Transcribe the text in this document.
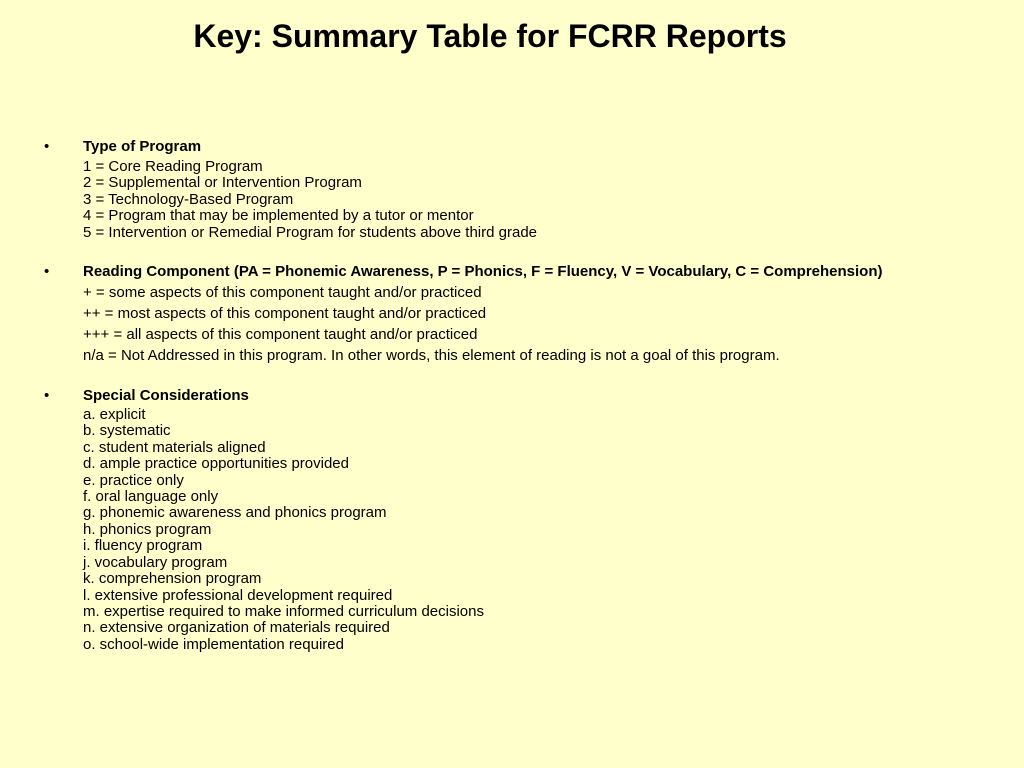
Key: Summary Table for FCRR Reports
• Type of Program
1 = Core Reading Program
2 = Supplemental or Intervention Program
3 = Technology-Based Program
4 = Program that may be implemented by a tutor or mentor
5 = Intervention or Remedial Program for students above third grade
• Reading Component (PA = Phonemic Awareness, P = Phonics, F = Fluency, V = Vocabulary, C = Comprehension)
+ = some aspects of this component taught and/or practiced
++ = most aspects of this component taught and/or practiced
+++ = all aspects of this component taught and/or practiced
n/a = Not Addressed in this program. In other words, this element of reading is not a goal of this program.
• Special Considerations
a. explicit
b. systematic
c. student materials aligned
d. ample practice opportunities provided
e. practice only
f. oral language only
g. phonemic awareness and phonics program
h. phonics program
i. fluency program
j. vocabulary program
k. comprehension program
l. extensive professional development required
m. expertise required to make informed curriculum decisions
n. extensive organization of materials required
o. school-wide implementation required
